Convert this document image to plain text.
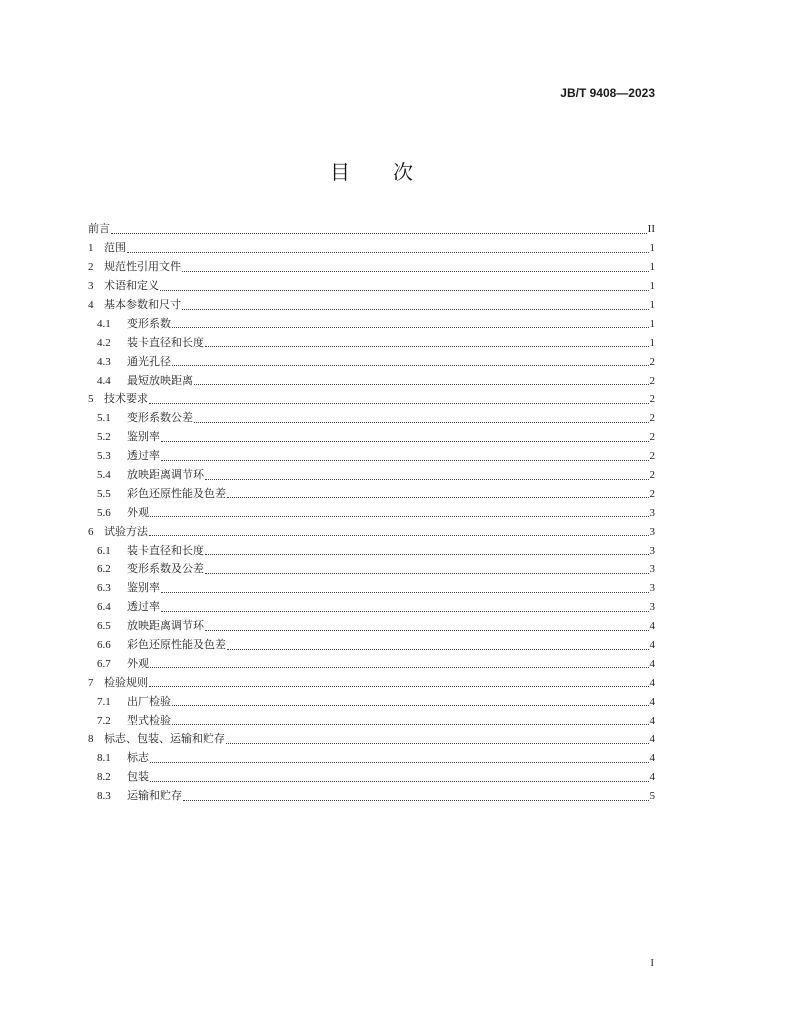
JB/T 9408—2023
目 次
前言	II
1 范围	1
2 规范性引用文件	1
3 术语和定义	1
4 基本参数和尺寸	1
4.1	变形系数	1
4.2	装卡直径和长度	1
4.3	通光孔径	2
4.4	最短放映距离	2
5 技术要求	2
5.1	变形系数公差	2
5.2	鉴别率	2
5.3	透过率	2
5.4	放映距离调节环	2
5.5	彩色还原性能及色差	2
5.6	外观	3
6 试验方法	3
6.1	装卡直径和长度	3
6.2	变形系数及公差	3
6.3	鉴别率	3
6.4	透过率	3
6.5	放映距离调节环	4
6.6	彩色还原性能及色差	4
6.7	外观	4
7 检验规则	4
7.1	出厂检验	4
7.2	型式检验	4
8 标志、包装、运输和贮存	4
8.1	标志	4
8.2	包装	4
8.3	运输和贮存	5
I
